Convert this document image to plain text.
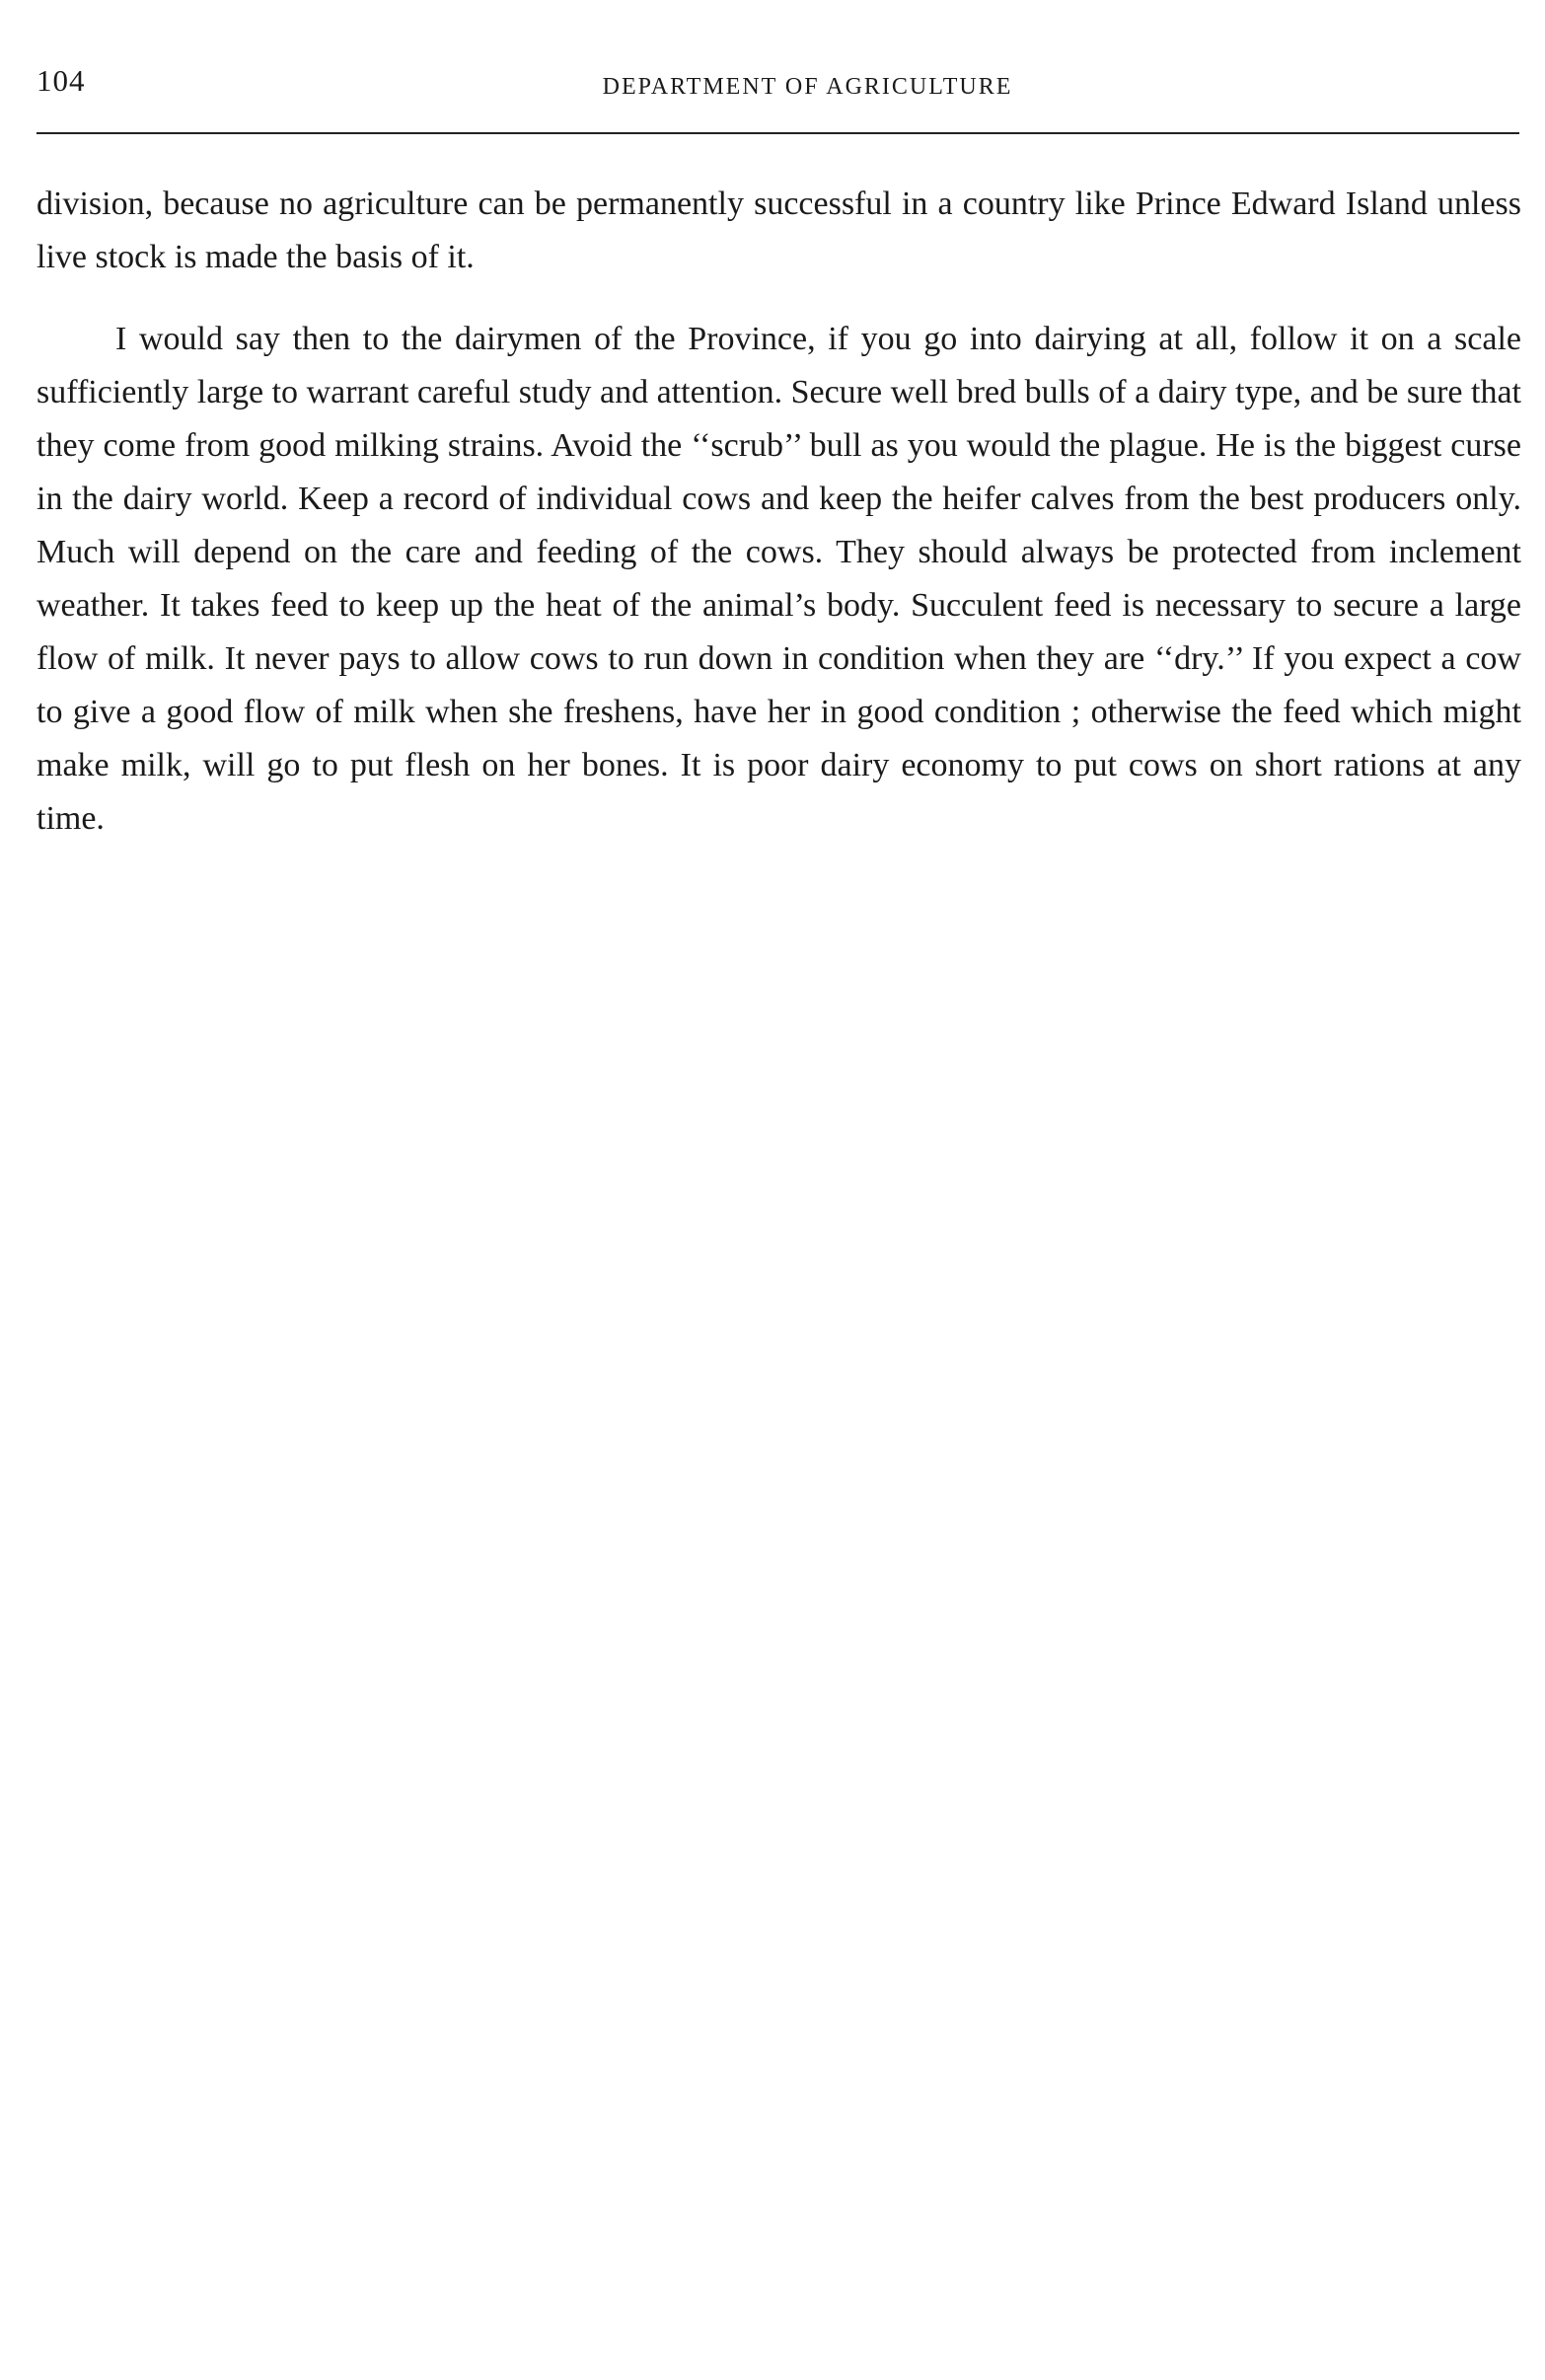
104	DEPARTMENT OF AGRICULTURE

division, because no agriculture can be permanently successful in a country like Prince Edward Island unless live stock is made the basis of it.

I would say then to the dairymen of the Province, if you go into dairying at all, follow it on a scale sufficiently large to warrant careful study and attention. Secure well bred bulls of a dairy type, and be sure that they come from good milking strains. Avoid the ‘‘scrub’’ bull as you would the plague. He is the biggest curse in the dairy world. Keep a record of individual cows and keep the heifer calves from the best producers only. Much will depend on the care and feeding of the cows. They should always be protected from inclement weather. It takes feed to keep up the heat of the animal’s body. Succulent feed is necessary to secure a large flow of milk. It never pays to allow cows to run down in condition when they are ‘‘dry.’’ If you expect a cow to give a good flow of milk when she freshens, have her in good condition ; otherwise the feed which might make milk, will go to put flesh on her bones. It is poor dairy economy to put cows on short rations at any time.
